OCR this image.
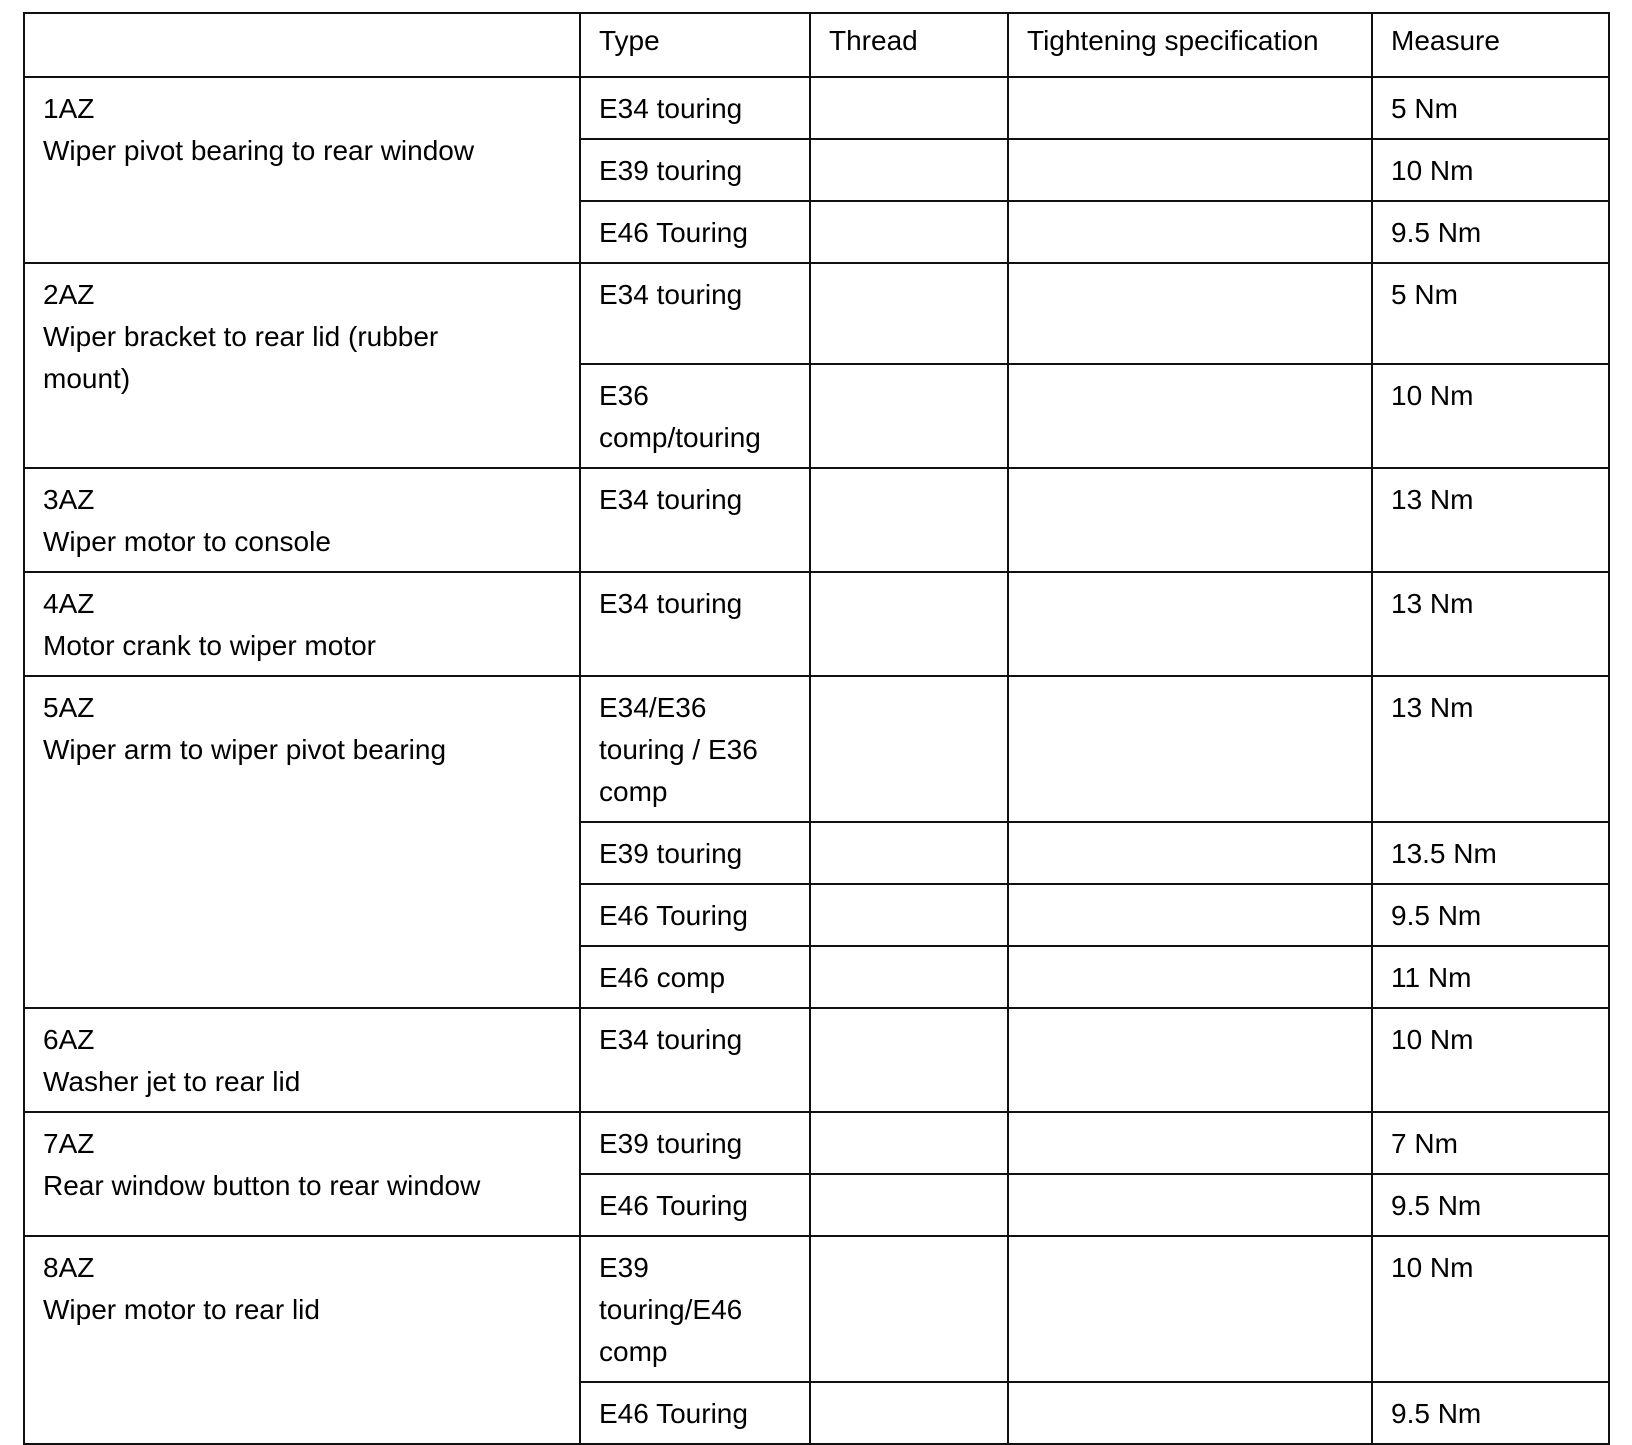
	Type	Thread	Tightening specification	Measure
1AZWiper pivot bearing to rear window	E34 touring			5 Nm
	E39 touring			10 Nm
	E46 Touring			9.5 Nm
2AZWiper bracket to rear lid (rubber mount)	E34 touring			5 Nm
	E36 comp/touring			10 Nm
3AZWiper motor to console	E34 touring			13 Nm
4AZMotor crank to wiper motor	E34 touring			13 Nm
5AZWiper arm to wiper pivot bearing	E34/E36 touring / E36 comp			13 Nm
	E39 touring			13.5 Nm
	E46 Touring			9.5 Nm
	E46 comp			11 Nm
6AZWasher jet to rear lid	E34 touring			10 Nm
7AZRear window button to rear window	E39 touring			7 Nm
	E46 Touring			9.5 Nm
8AZWiper motor to rear lid	E39 touring/E46 comp			10 Nm
	E46 Touring			9.5 Nm
